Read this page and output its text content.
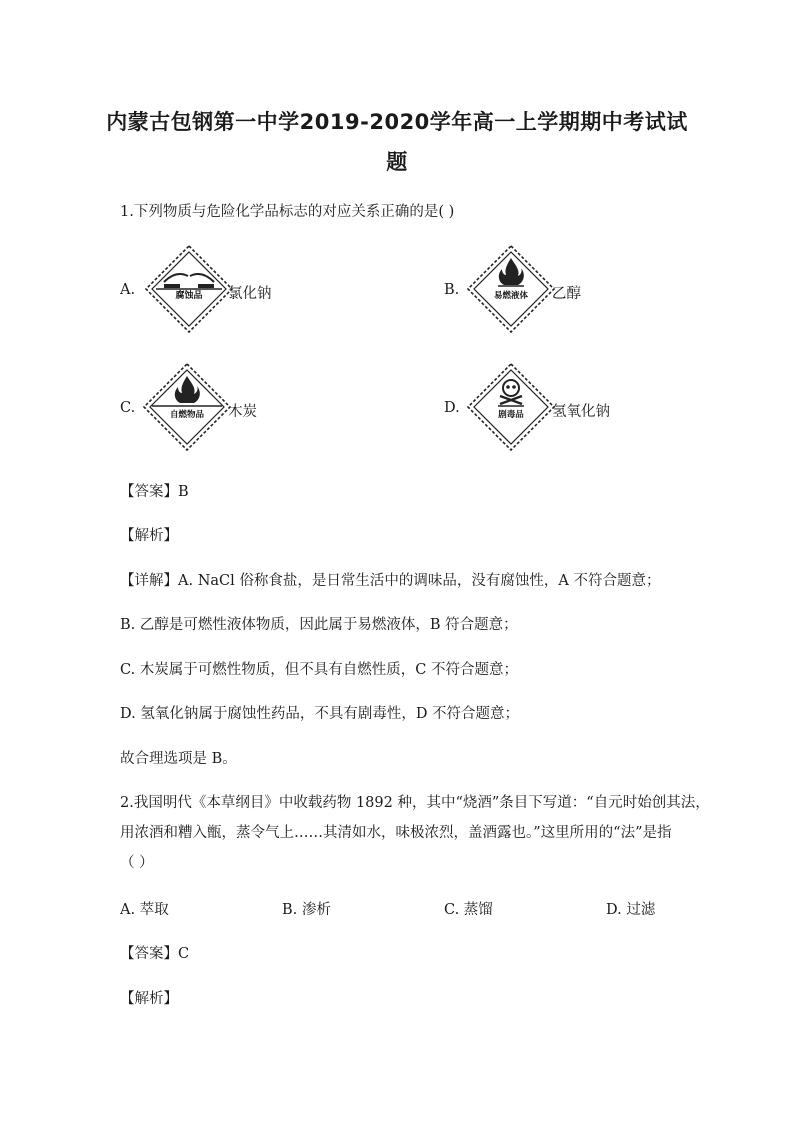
内蒙古包钢第一中学2019-2020学年高一上学期期中考试试
题
1.下列物质与危险化学品标志的对应关系正确的是( )
A.	腐蚀品 氯化钠	B.	易燃液体 乙醇
C.	自燃物品 木炭	D.	剧毒品 氢氧化钠
【答案】B
【解析】
【详解】A. NaCl 俗称食盐，是日常生活中的调味品，没有腐蚀性，A 不符合题意；
B. 乙醇是可燃性液体物质，因此属于易燃液体，B 符合题意；
C. 木炭属于可燃性物质，但不具有自燃性质，C 不符合题意；
D. 氢氧化钠属于腐蚀性药品，不具有剧毒性，D 不符合题意；
故合理选项是 B。
2.我国明代《本草纲目》中收载药物 1892 种，其中“烧酒”条目下写道：“自元时始创其法，
用浓酒和糟入甑，蒸令气上……其清如水，味极浓烈，盖酒露也。”这里所用的“法”是指
（ ）
A. 萃取	B. 渗析	C. 蒸馏	D. 过滤
【答案】C
【解析】
